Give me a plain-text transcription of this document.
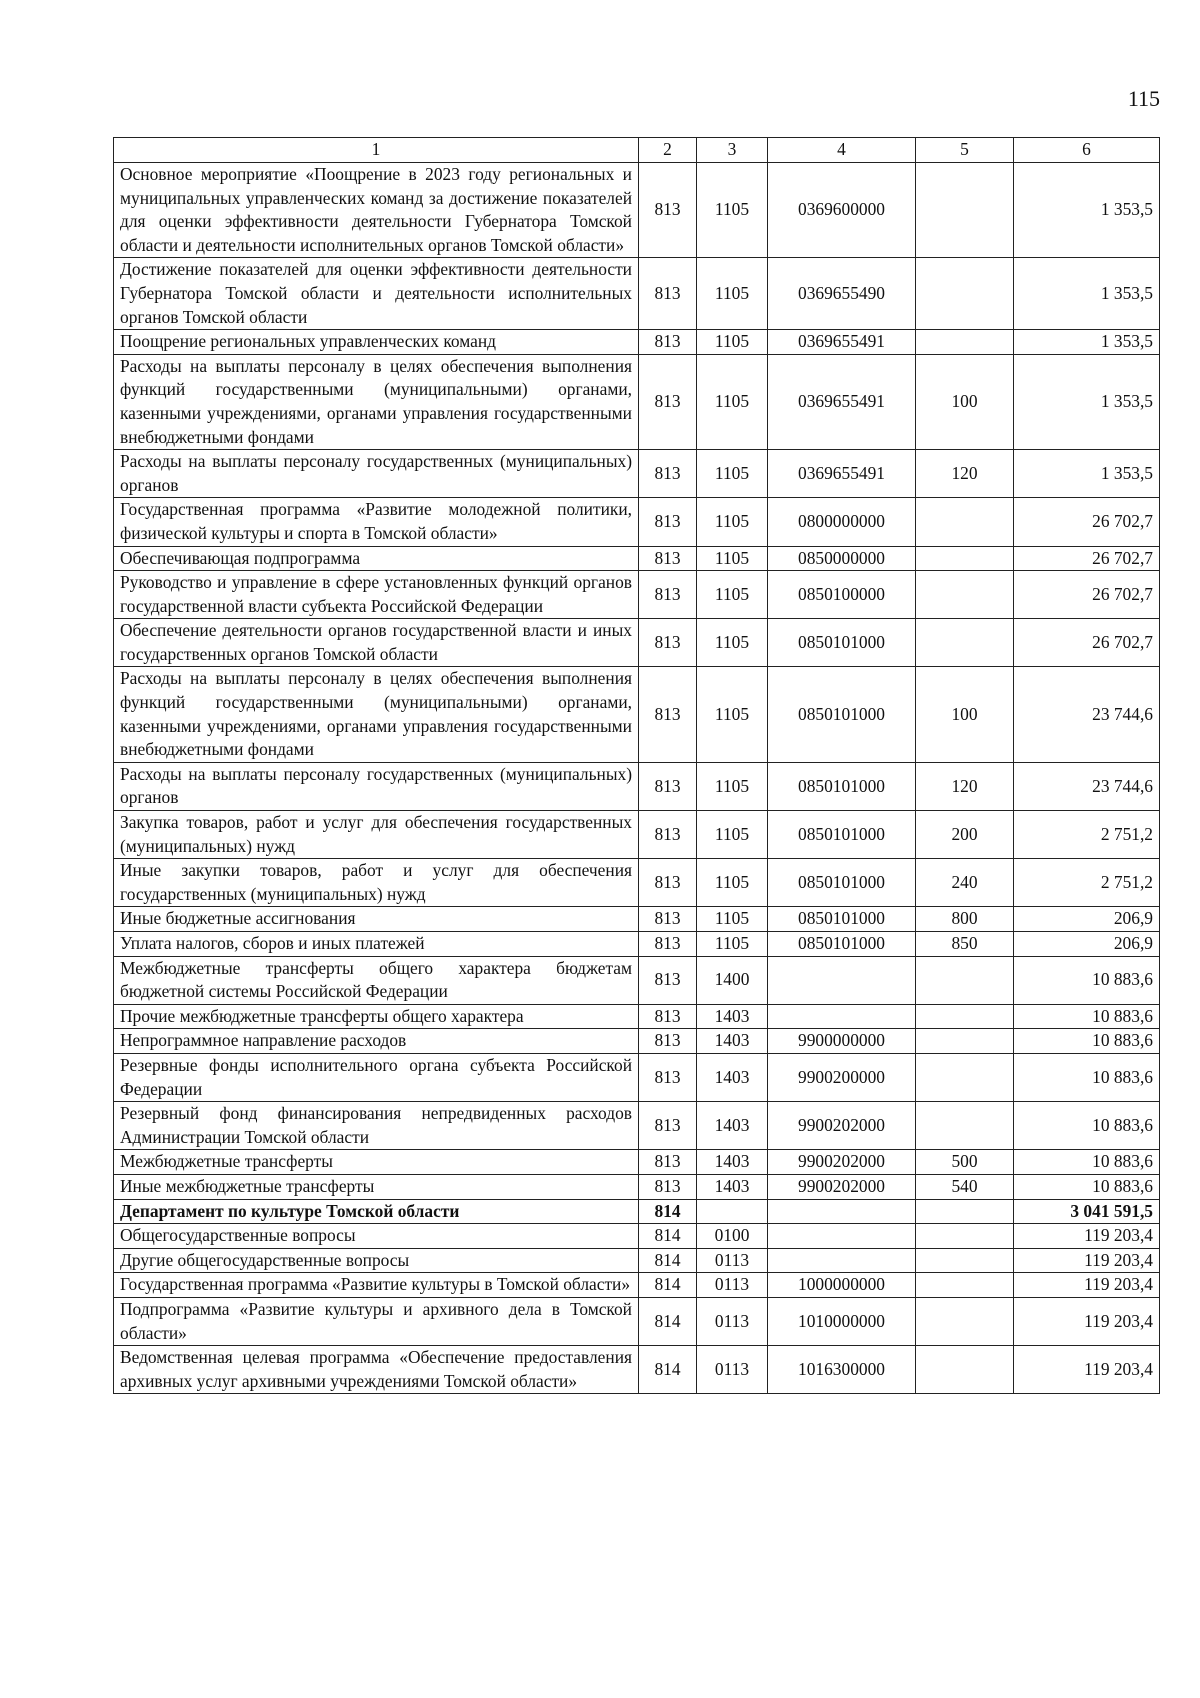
115
1	2	3	4	5	6
Основное мероприятие «Поощрение в 2023 году региональных и муниципальных управленческих команд за достижение показателей для оценки эффективности деятельности Губернатора Томской области и деятельности исполнительных органов Томской области»	813	1105	0369600000		1 353,5
Достижение показателей для оценки эффективности деятельности Губернатора Томской области и деятельности исполнительных органов Томской области	813	1105	0369655490		1 353,5
Поощрение региональных управленческих команд	813	1105	0369655491		1 353,5
Расходы на выплаты персоналу в целях обеспечения выполнения функций государственными (муниципальными) органами, казенными учреждениями, органами управления государственными внебюджетными фондами	813	1105	0369655491	100	1 353,5
Расходы на выплаты персоналу государственных (муниципальных) органов	813	1105	0369655491	120	1 353,5
Государственная программа «Развитие молодежной политики, физической культуры и спорта в Томской области»	813	1105	0800000000		26 702,7
Обеспечивающая подпрограмма	813	1105	0850000000		26 702,7
Руководство и управление в сфере установленных функций органов государственной власти субъекта Российской Федерации	813	1105	0850100000		26 702,7
Обеспечение деятельности органов государственной власти и иных государственных органов Томской области	813	1105	0850101000		26 702,7
Расходы на выплаты персоналу в целях обеспечения выполнения функций государственными (муниципальными) органами, казенными учреждениями, органами управления государственными внебюджетными фондами	813	1105	0850101000	100	23 744,6
Расходы на выплаты персоналу государственных (муниципальных) органов	813	1105	0850101000	120	23 744,6
Закупка товаров, работ и услуг для обеспечения государственных (муниципальных) нужд	813	1105	0850101000	200	2 751,2
Иные закупки товаров, работ и услуг для обеспечения государственных (муниципальных) нужд	813	1105	0850101000	240	2 751,2
Иные бюджетные ассигнования	813	1105	0850101000	800	206,9
Уплата налогов, сборов и иных платежей	813	1105	0850101000	850	206,9
Межбюджетные трансферты общего характера бюджетам бюджетной системы Российской Федерации	813	1400			10 883,6
Прочие межбюджетные трансферты общего характера	813	1403			10 883,6
Непрограммное направление расходов	813	1403	9900000000		10 883,6
Резервные фонды исполнительного органа субъекта Российской Федерации	813	1403	9900200000		10 883,6
Резервный фонд финансирования непредвиденных расходов Администрации Томской области	813	1403	9900202000		10 883,6
Межбюджетные трансферты	813	1403	9900202000	500	10 883,6
Иные межбюджетные трансферты	813	1403	9900202000	540	10 883,6
Департамент по культуре Томской области	814				3 041 591,5
Общегосударственные вопросы	814	0100			119 203,4
Другие общегосударственные вопросы	814	0113			119 203,4
Государственная программа «Развитие культуры в Томской области»	814	0113	1000000000		119 203,4
Подпрограмма «Развитие культуры и архивного дела в Томской области»	814	0113	1010000000		119 203,4
Ведомственная целевая программа «Обеспечение предоставления архивных услуг архивными учреждениями Томской области»	814	0113	1016300000		119 203,4
